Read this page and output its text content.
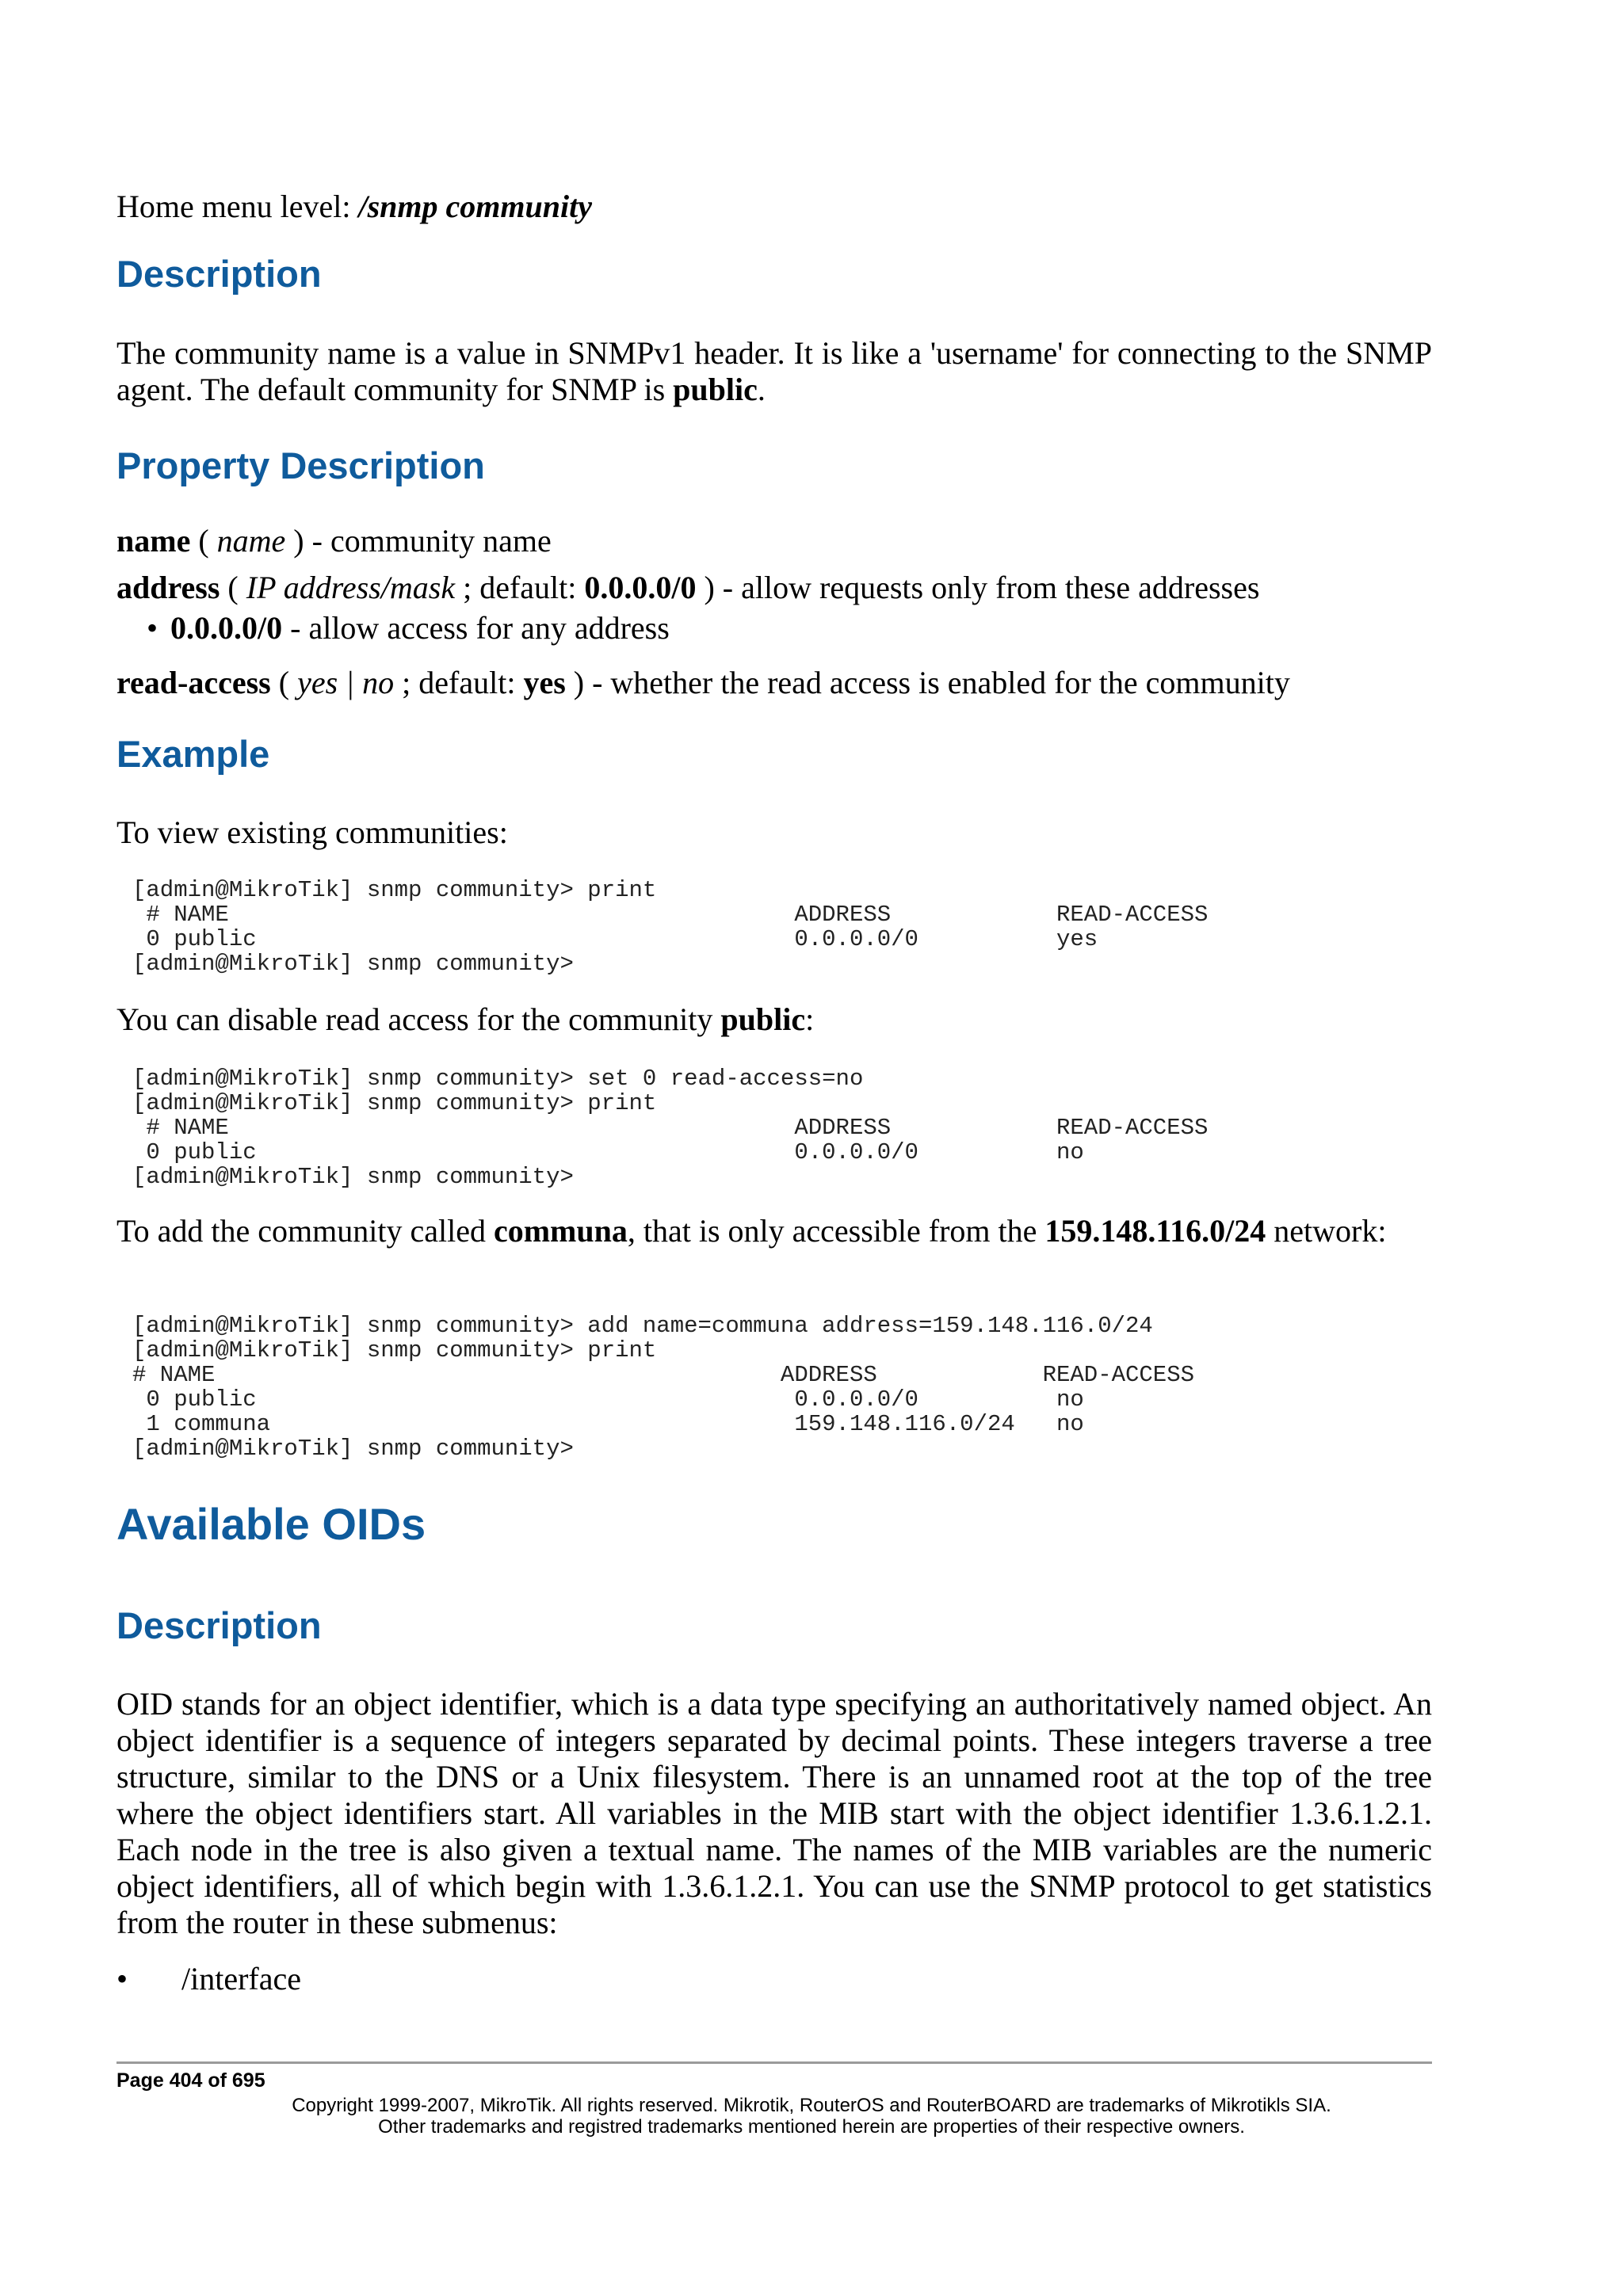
Home menu level: /snmp community

Description

The community name is a value in SNMPv1 header. It is like a 'username' for connecting to the SNMP agent. The default community for SNMP is public.

Property Description

name ( name ) - community name

address ( IP address/mask ; default: 0.0.0.0/0 ) - allow requests only from these addresses

• 0.0.0.0/0 - allow access for any address

read-access ( yes | no ; default: yes ) - whether the read access is enabled for the community

Example

To view existing communities:

[admin@MikroTik] snmp community> print
# NAME                                         ADDRESS            READ-ACCESS
0 public                                       0.0.0.0/0          yes
[admin@MikroTik] snmp community>

You can disable read access for the community public:

[admin@MikroTik] snmp community> set 0 read-access=no
[admin@MikroTik] snmp community> print
# NAME                                         ADDRESS            READ-ACCESS
0 public                                       0.0.0.0/0          no
[admin@MikroTik] snmp community>

To add the community called communa, that is only accessible from the 159.148.116.0/24 network:

[admin@MikroTik] snmp community> add name=communa address=159.148.116.0/24
[admin@MikroTik] snmp community> print
# NAME                                         ADDRESS            READ-ACCESS
0 public                                       0.0.0.0/0          no
1 communa                                      159.148.116.0/24   no
[admin@MikroTik] snmp community>
Available OIDs
Description

OID stands for an object identifier, which is a data type specifying an authoritatively named object. An object identifier is a sequence of integers separated by decimal points. These integers traverse a tree structure, similar to the DNS or a Unix filesystem. There is an unnamed root at the top of the tree where the object identifiers start. All variables in the MIB start with the object identifier 1.3.6.1.2.1. Each node in the tree is also given a textual name. The names of the MIB variables are the numeric object identifiers, all of which begin with 1.3.6.1.2.1. You can use the SNMP protocol to get statistics from the router in these submenus:

• /interface

Page 404 of 695
Copyright 1999-2007, MikroTik. All rights reserved. Mikrotik, RouterOS and RouterBOARD are trademarks of Mikrotikls SIA.
Other trademarks and registred trademarks mentioned herein are properties of their respective owners.
